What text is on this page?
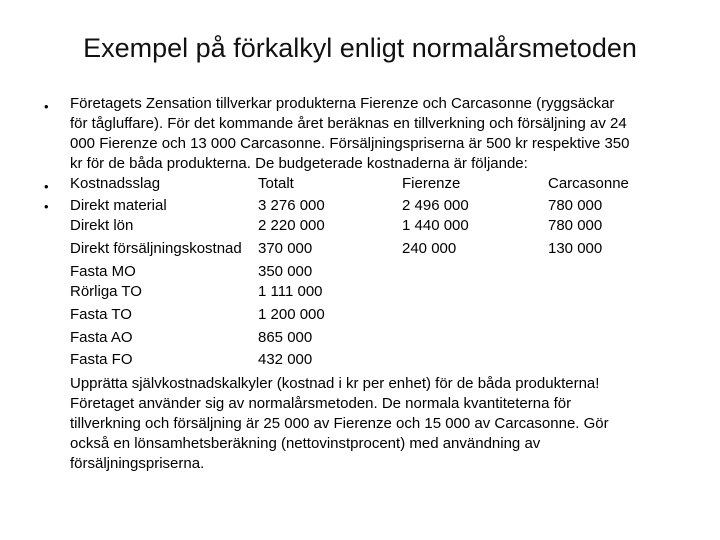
Exempel på förkalkyl enligt normalårsmetoden
•
•
•
Företagets Zensation tillverkar produkterna Fierenze och Carcasonne (ryggsäckar
för tågluffare). För det kommande året beräknas en tillverkning och försäljning av 24
000 Fierenze och 13 000 Carcasonne. Försäljningspriserna är 500 kr respektive 350
kr för de båda produkterna. De budgeterade kostnaderna är följande:
Kostnadsslag	Totalt	Fierenze	Carcasonne
Direkt material	3 276 000	2 496 000	780 000
Direkt lön	2 220 000	1 440 000	780 000
Direkt försäljningskostnad 370 000	240 000	130 000
Fasta MO	350 000
Rörliga TO	1 111 000
Fasta TO	1 200 000
Fasta AO	865 000
Fasta FO	432 000
Upprätta självkostnadskalkyler (kostnad i kr per enhet) för de båda produkterna!
Företaget använder sig av normalårsmetoden. De normala kvantiteterna för
tillverkning och försäljning är 25 000 av Fierenze och 15 000 av Carcasonne. Gör
också en lönsamhetsberäkning (nettovinstprocent) med användning av
försäljningspriserna.
